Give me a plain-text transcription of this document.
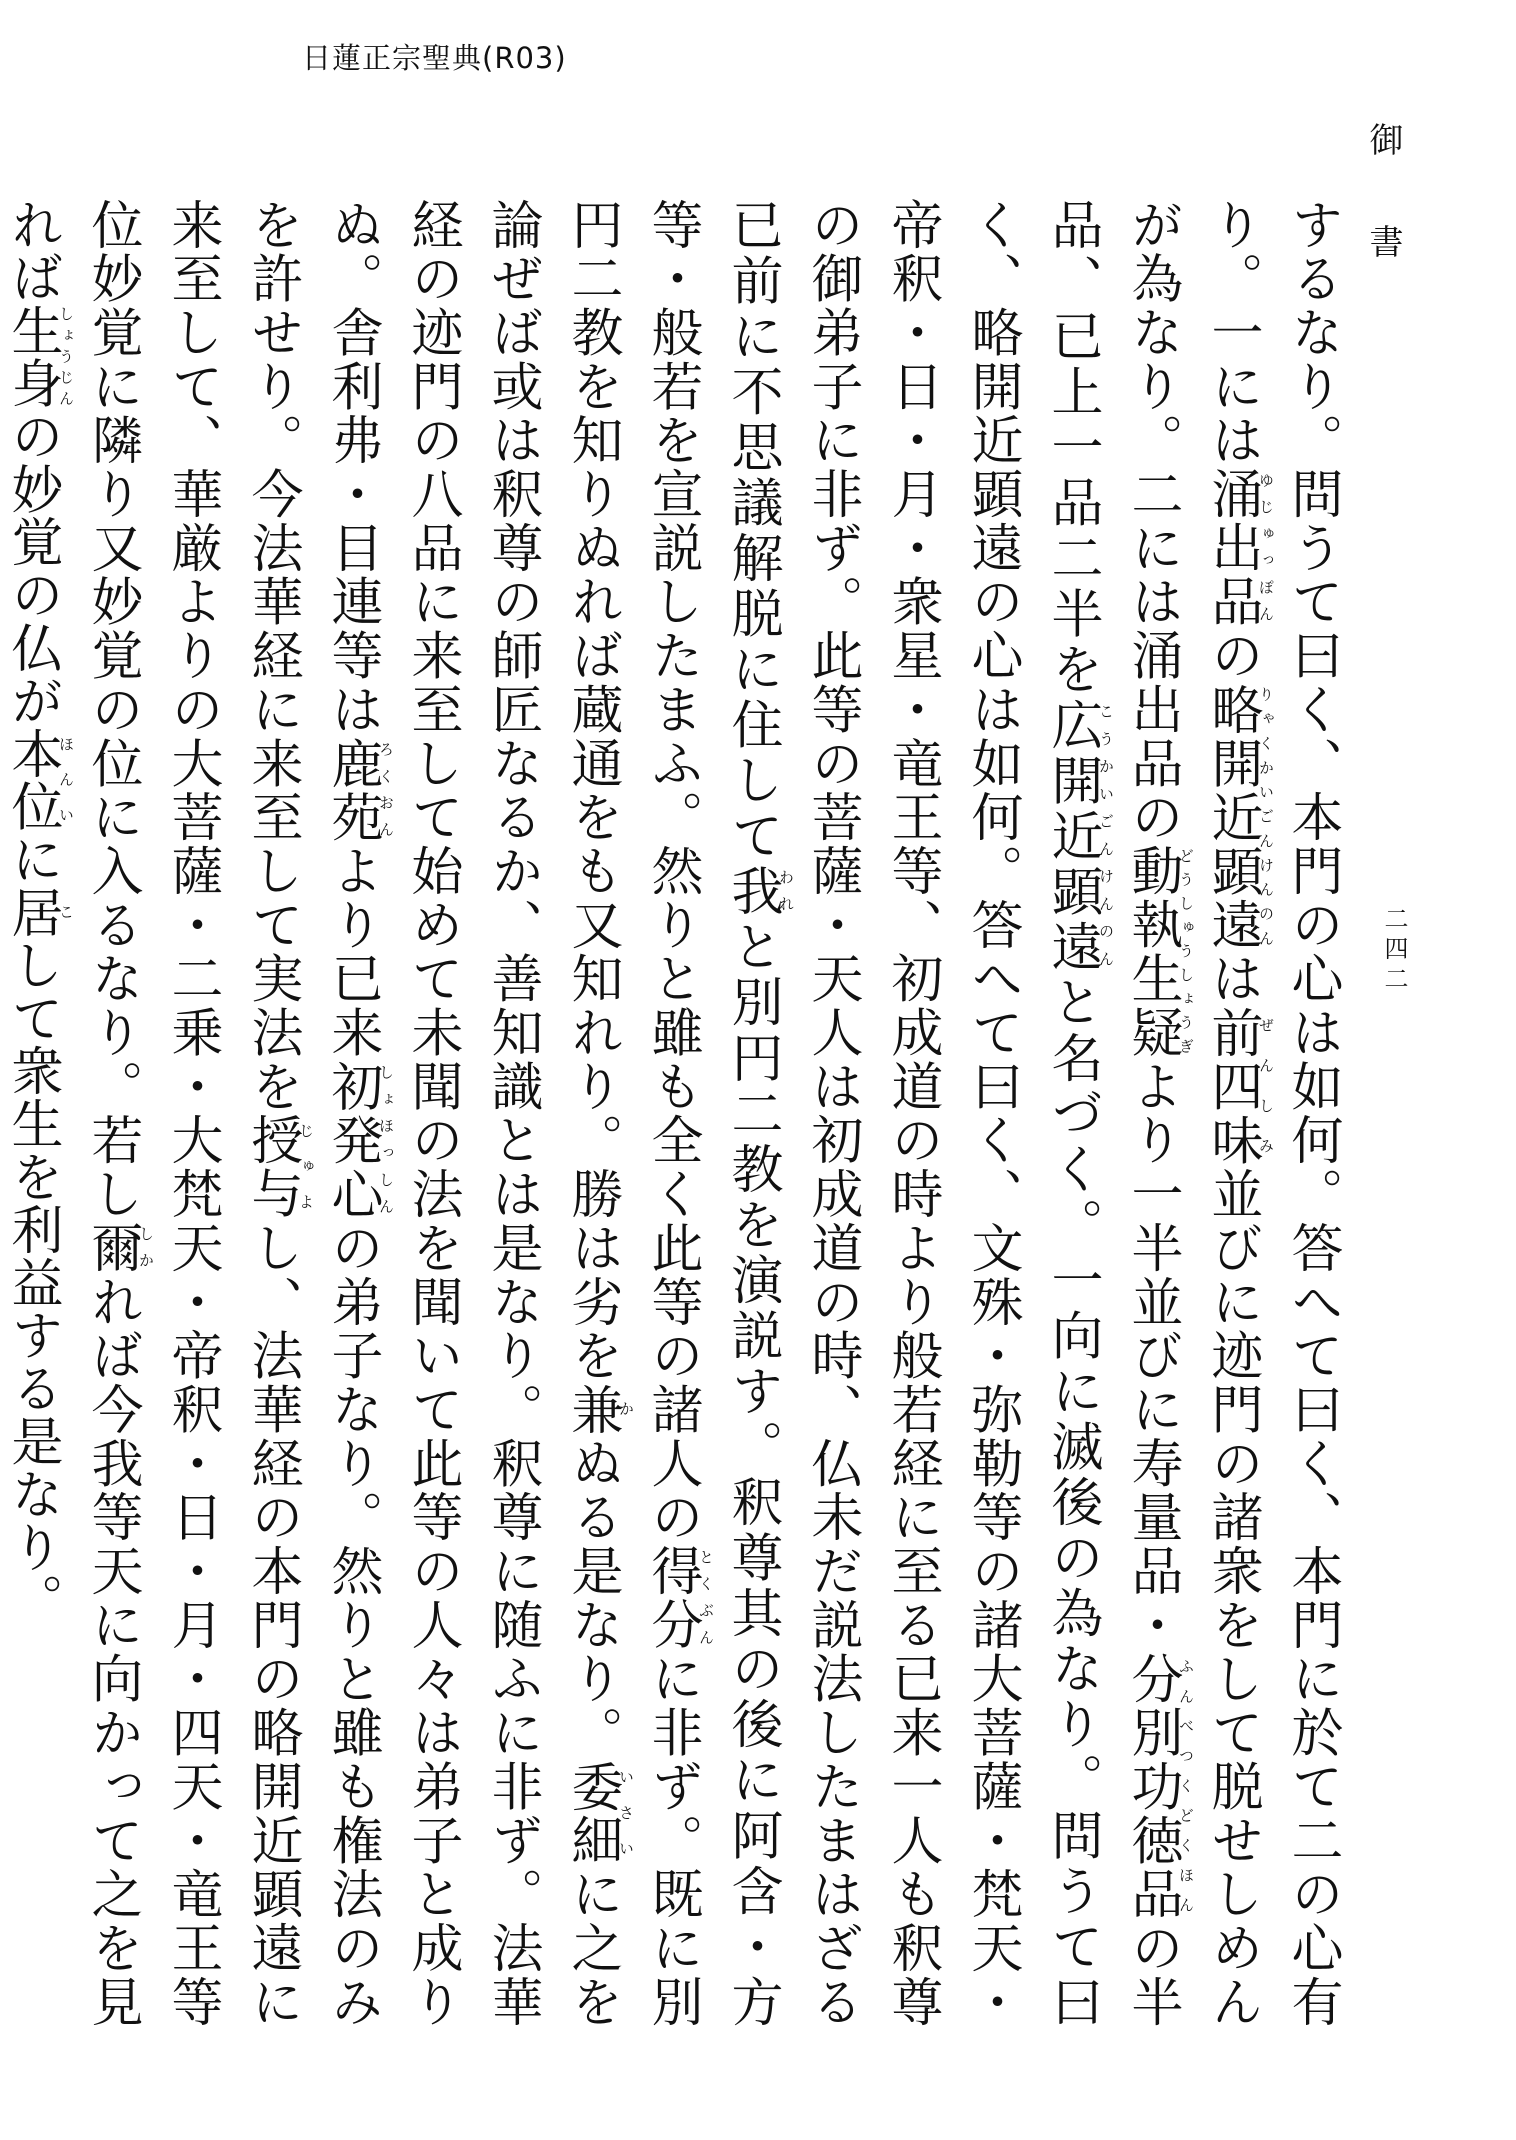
日蓮正宗聖典(R03)
御書
二四二
するなり。問うて曰く、本門の心は如何。答へて曰く、本門に於て二の心有り。一には涌出品ゆじゅっぽんの略開近顕遠りゃくかいごんけんのんは前四味ぜんしみ並びに迹門の諸衆をして脱せしめんが為なり。二には涌出品の動執生疑どうしゅうしょうぎより一半並びに寿量品・分別功徳品ふんべつくどくほんの半品、已上一品二半を広開近顕遠こうかいごんけんのんと名づく。一向に滅後の為なり。問うて曰く、略開近顕遠の心は如何。答へて曰く、文殊・弥勒等の諸大菩薩・梵天・帝釈・日・月・衆星・竜王等、初成道の時より般若経に至る已来一人も釈尊の御弟子に非ず。此等の菩薩・天人は初成道の時、仏未だ説法したまはざる已前に不思議解脱に住して我われと別円二教を演説す。釈尊其の後に阿含・方等・般若を宣説したまふ。然りと雖も全く此等の諸人の得分とくぶんに非ず。既に別円二教を知りぬれば蔵通をも又知れり。勝は劣を兼かぬる是なり。委細いさいに之を論ぜば或は釈尊の師匠なるか、善知識とは是なり。釈尊に随ふに非ず。法華経の迹門の八品に来至して始めて未聞の法を聞いて此等の人々は弟子と成りぬ。舎利弗・目連等は鹿苑ろくおんより已来初発心しょほっしんの弟子なり。然りと雖も権法のみを許せり。今法華経に来至して実法を授与じゅよし、法華経の本門の略開近顕遠に来至して、華厳よりの大菩薩・二乗・大梵天・帝釈・日・月・四天・竜王等位妙覚に隣り又妙覚の位に入るなり。若し爾しかれば今我等天に向かって之を見れば生身しょうじんの妙覚の仏が本位ほんいに居こして衆生を利益する是なり。
